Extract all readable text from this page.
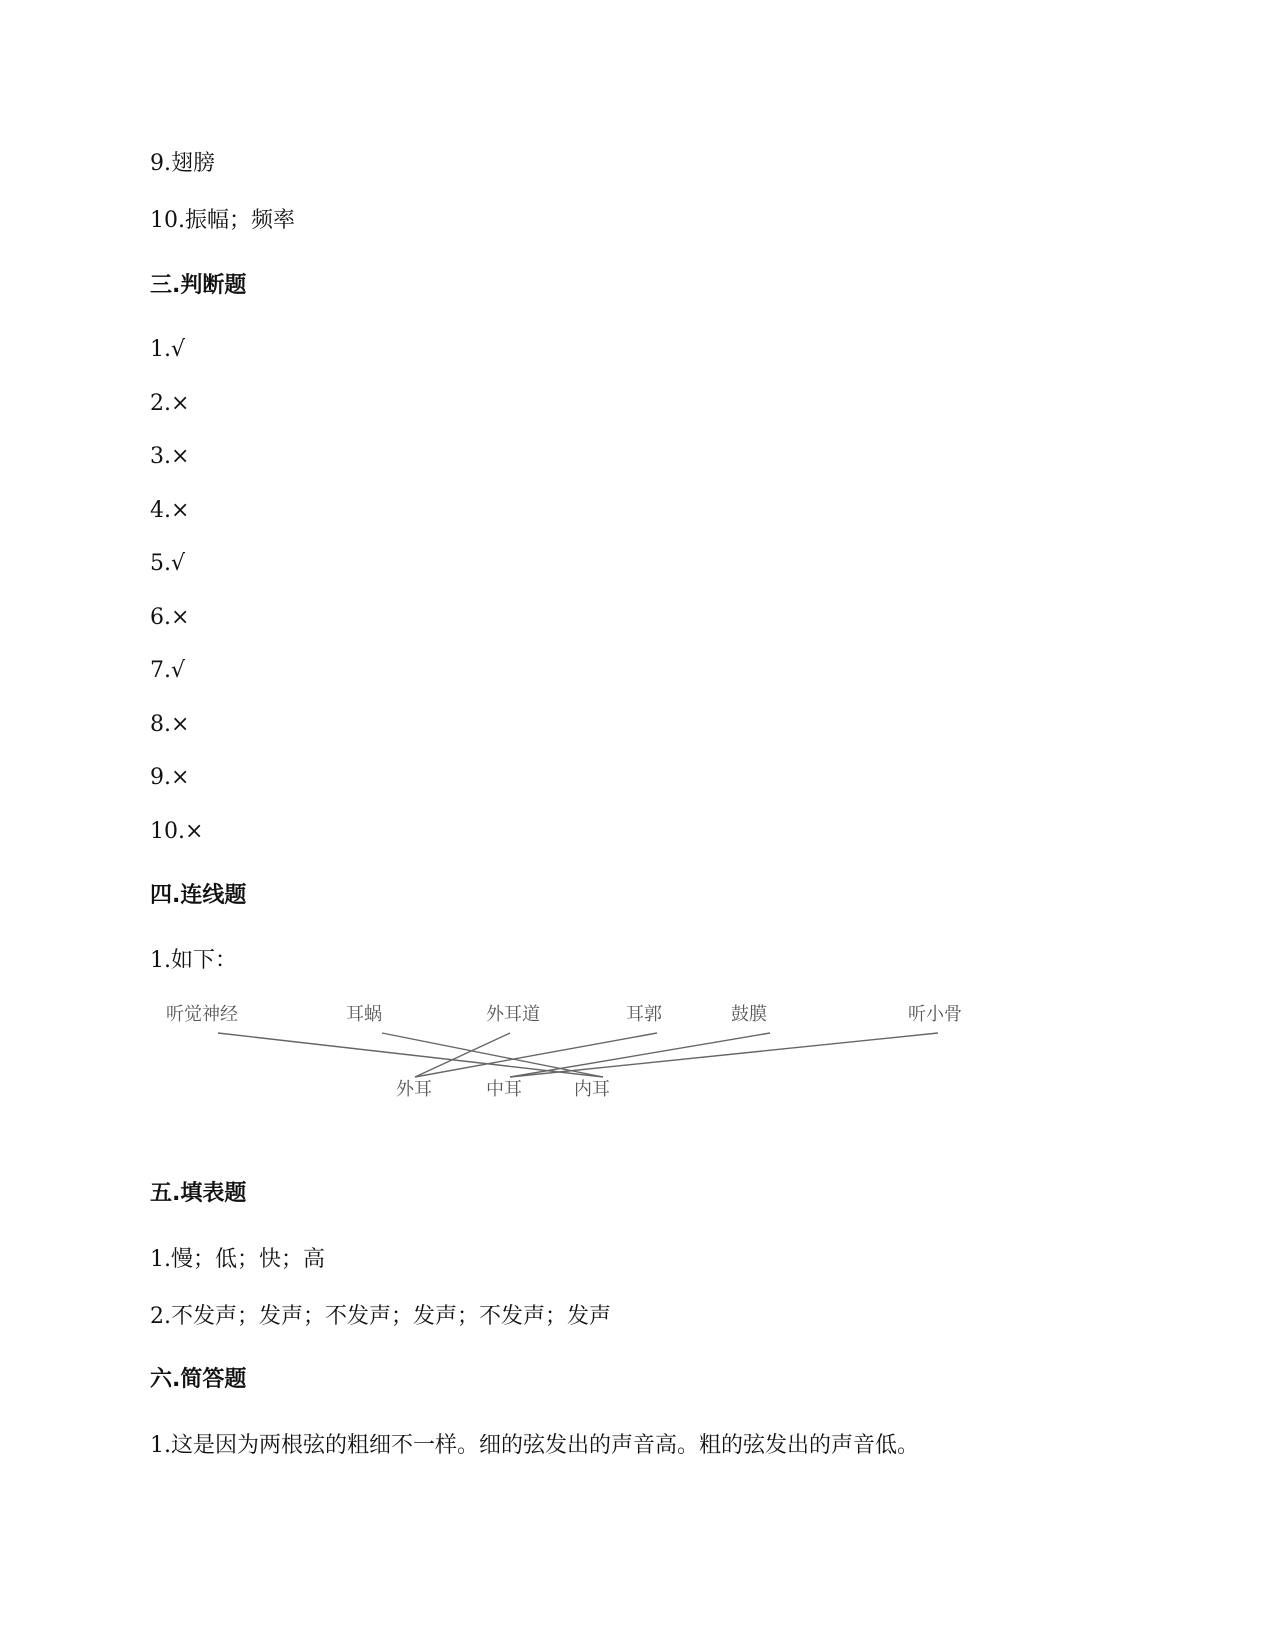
9.翅膀
10.振幅；频率
三.判断题
1.√
2.×
3.×
4.×
5.√
6.×
7.√
8.×
9.×
10.×
四.连线题
1.如下：
听觉神经	耳蜗	外耳道	耳郭	鼓膜	听小骨
外耳	中耳	内耳
五.填表题
1.慢；低；快；高
2.不发声；发声；不发声；发声；不发声；发声
六.简答题
1.这是因为两根弦的粗细不一样。细的弦发出的声音高。粗的弦发出的声音低。
